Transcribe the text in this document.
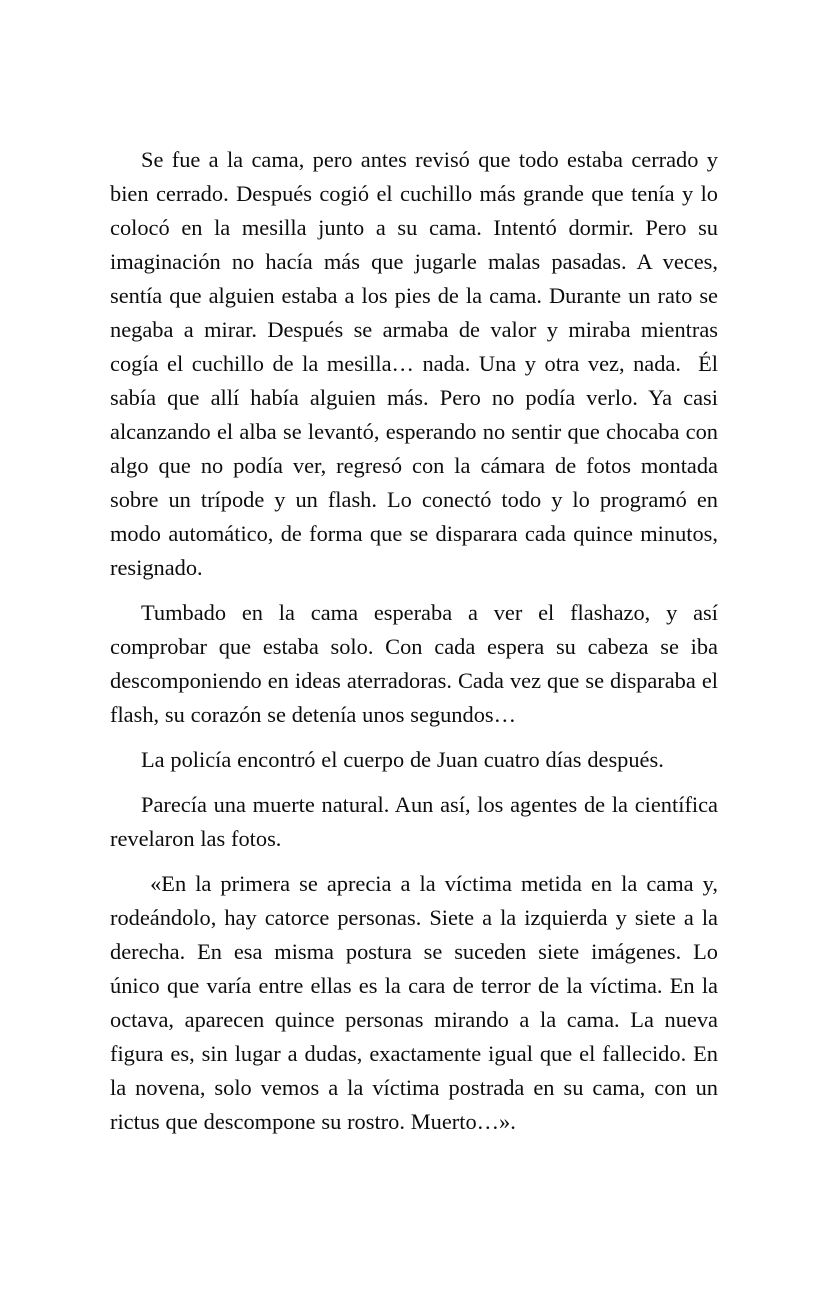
Se fue a la cama, pero antes revisó que todo estaba cerrado y bien cerrado. Después cogió el cuchillo más grande que tenía y lo colocó en la mesilla junto a su cama. Intentó dormir. Pero su imaginación no hacía más que jugarle malas pasadas. A veces, sentía que alguien estaba a los pies de la cama. Durante un rato se negaba a mirar. Después se armaba de valor y miraba mientras cogía el cuchillo de la mesilla… nada. Una y otra vez, nada.  Él sabía que allí había alguien más. Pero no podía verlo. Ya casi alcanzando el alba se levantó, esperando no sentir que chocaba con algo que no podía ver, regresó con la cámara de fotos montada sobre un trípode y un flash. Lo conectó todo y lo programó en modo automático, de forma que se disparara cada quince minutos, resignado.

Tumbado en la cama esperaba a ver el flashazo, y así comprobar que estaba solo. Con cada espera su cabeza se iba descomponiendo en ideas aterradoras. Cada vez que se disparaba el flash, su corazón se detenía unos segundos…

La policía encontró el cuerpo de Juan cuatro días después.

Parecía una muerte natural. Aun así, los agentes de la científica revelaron las fotos.

«En la primera se aprecia a la víctima metida en la cama y, rodeándolo, hay catorce personas. Siete a la izquierda y siete a la derecha. En esa misma postura se suceden siete imágenes. Lo único que varía entre ellas es la cara de terror de la víctima. En la octava, aparecen quince personas mirando a la cama. La nueva figura es, sin lugar a dudas, exactamente igual que el fallecido. En la novena, solo vemos a la víctima postrada en su cama, con un rictus que descompone su rostro. Muerto…».
